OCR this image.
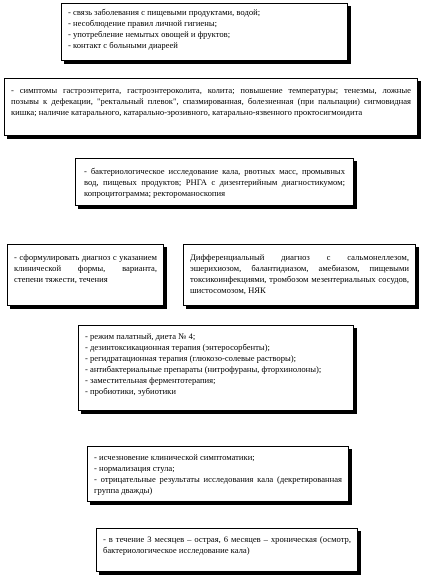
- связь заболевания с пищевыми продуктами, водой;
- несоблюдение правил личной гигиены;
- употребление немытых овощей и фруктов;
- контакт с больными диареей
- симптомы гастроэнтерита, гастроэнтероколита, колита; повышение температуры; тенезмы, ложные позывы к дефекации, "ректальный плевок", спазмированная, болезненная (при пальпации) сигмовидная кишка; наличие катарального, катарально-эрозивного, катарально-язвенного проктосигмоидита
- бактериологическое исследование кала, рвотных масс, промывных вод, пищевых продуктов; РНГА с дизентерийным диагностикумом; копроцитограмма; ректороманоскопия
- сформулировать диагноз с указанием клинической формы, варианта, степени тяжести, течения
Дифференциальный диагноз с сальмонеллезом, эшерихиозом, балантидиазом, амебиазом, пищевыми токсикоинфекциями, тромбозом мезентериальных сосудов, шистосомозом, НЯК
- режим палатный, диета № 4;
- дезинтоксикационная терапия (энтеросорбенты);
- регидратационная терапия (глюкозо-солевые растворы);
- антибактериальные препараты (нитрофураны, фторхинолоны);
- заместительная ферментотерапия;
- пробиотики, эубиотики
- исчезновение клинической симптоматики;
- нормализация стула;
- отрицательные результаты исследования кала (декретированная группа дважды)
- в течение 3 месяцев – острая, 6 месяцев – хроническая (осмотр, бактериологическое исследование кала)
